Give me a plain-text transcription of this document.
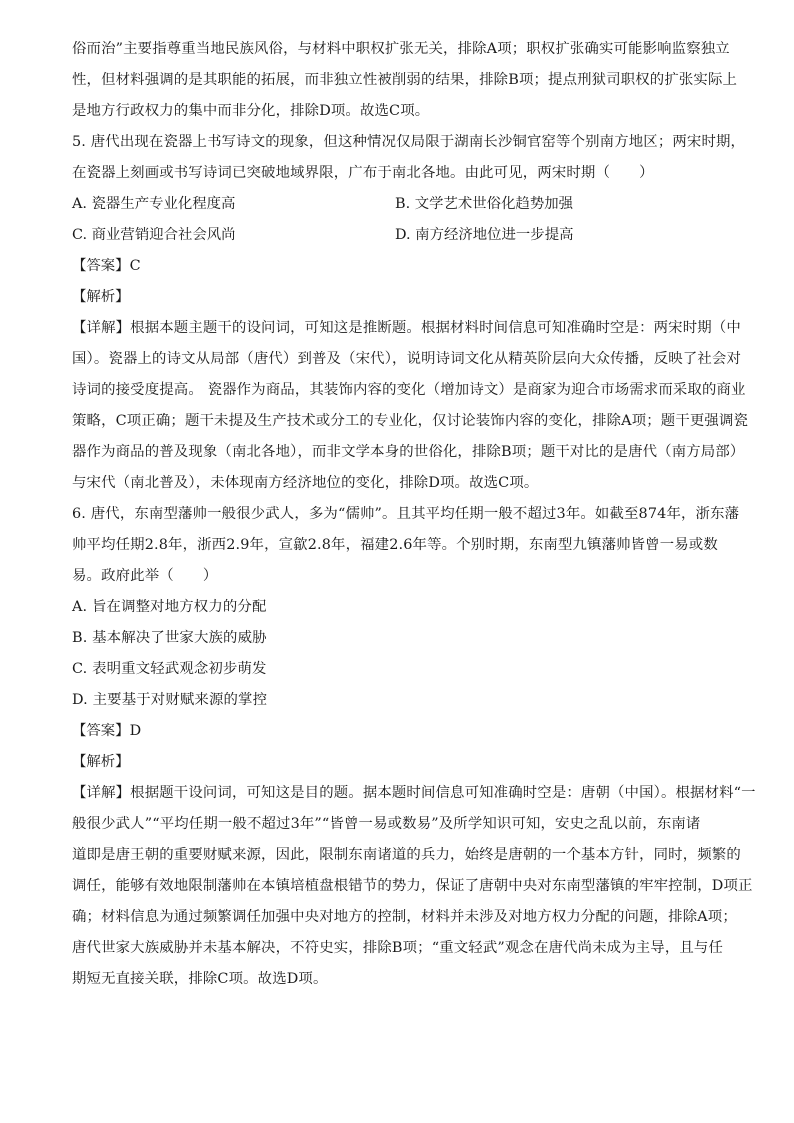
俗而治”主要指尊重当地民族风俗，与材料中职权扩张无关，排除A项；职权扩张确实可能影响监察独立
性，但材料强调的是其职能的拓展，而非独立性被削弱的结果，排除B项；提点刑狱司职权的扩张实际上
是地方行政权力的集中而非分化，排除D项。故选C项。
5. 唐代出现在瓷器上书写诗文的现象，但这种情况仅局限于湖南长沙铜官窑等个别南方地区；两宋时期，
在瓷器上刻画或书写诗词已突破地域界限，广布于南北各地。由此可见，两宋时期（　　）
A. 瓷器生产专业化程度高	B. 文学艺术世俗化趋势加强
C. 商业营销迎合社会风尚	D. 南方经济地位进一步提高
【答案】C
【解析】
【详解】根据本题主题干的设问词，可知这是推断题。根据材料时间信息可知准确时空是：两宋时期（中
国）。瓷器上的诗文从局部（唐代）到普及（宋代），说明诗词文化从精英阶层向大众传播，反映了社会对
诗词的接受度提高。 瓷器作为商品，其装饰内容的变化（增加诗文）是商家为迎合市场需求而采取的商业
策略，C项正确；题干未提及生产技术或分工的专业化，仅讨论装饰内容的变化，排除A项；题干更强调瓷
器作为商品的普及现象（南北各地），而非文学本身的世俗化，排除B项；题干对比的是唐代（南方局部）
与宋代（南北普及），未体现南方经济地位的变化，排除D项。故选C项。
6. 唐代，东南型藩帅一般很少武人，多为“儒帅”。且其平均任期一般不超过3年。如截至874年，浙东藩
帅平均任期2.8年，浙西2.9年，宣歙2.8年，福建2.6年等。个别时期，东南型九镇藩帅皆曾一易或数
易。政府此举（　　）
A. 旨在调整对地方权力的分配
B. 基本解决了世家大族的威胁
C. 表明重文轻武观念初步萌发
D. 主要基于对财赋来源的掌控
【答案】D
【解析】
【详解】根据题干设问词，可知这是目的题。据本题时间信息可知准确时空是：唐朝（中国）。根据材料“一
般很少武人”“平均任期一般不超过3年”“皆曾一易或数易”及所学知识可知，安史之乱以前，东南诸
道即是唐王朝的重要财赋来源，因此，限制东南诸道的兵力，始终是唐朝的一个基本方针，同时，频繁的
调任，能够有效地限制藩帅在本镇培植盘根错节的势力，保证了唐朝中央对东南型藩镇的牢牢控制，D项正
确；材料信息为通过频繁调任加强中央对地方的控制，材料并未涉及对地方权力分配的问题，排除A项；
唐代世家大族威胁并未基本解决，不符史实，排除B项；“重文轻武”观念在唐代尚未成为主导，且与任
期短无直接关联，排除C项。故选D项。
